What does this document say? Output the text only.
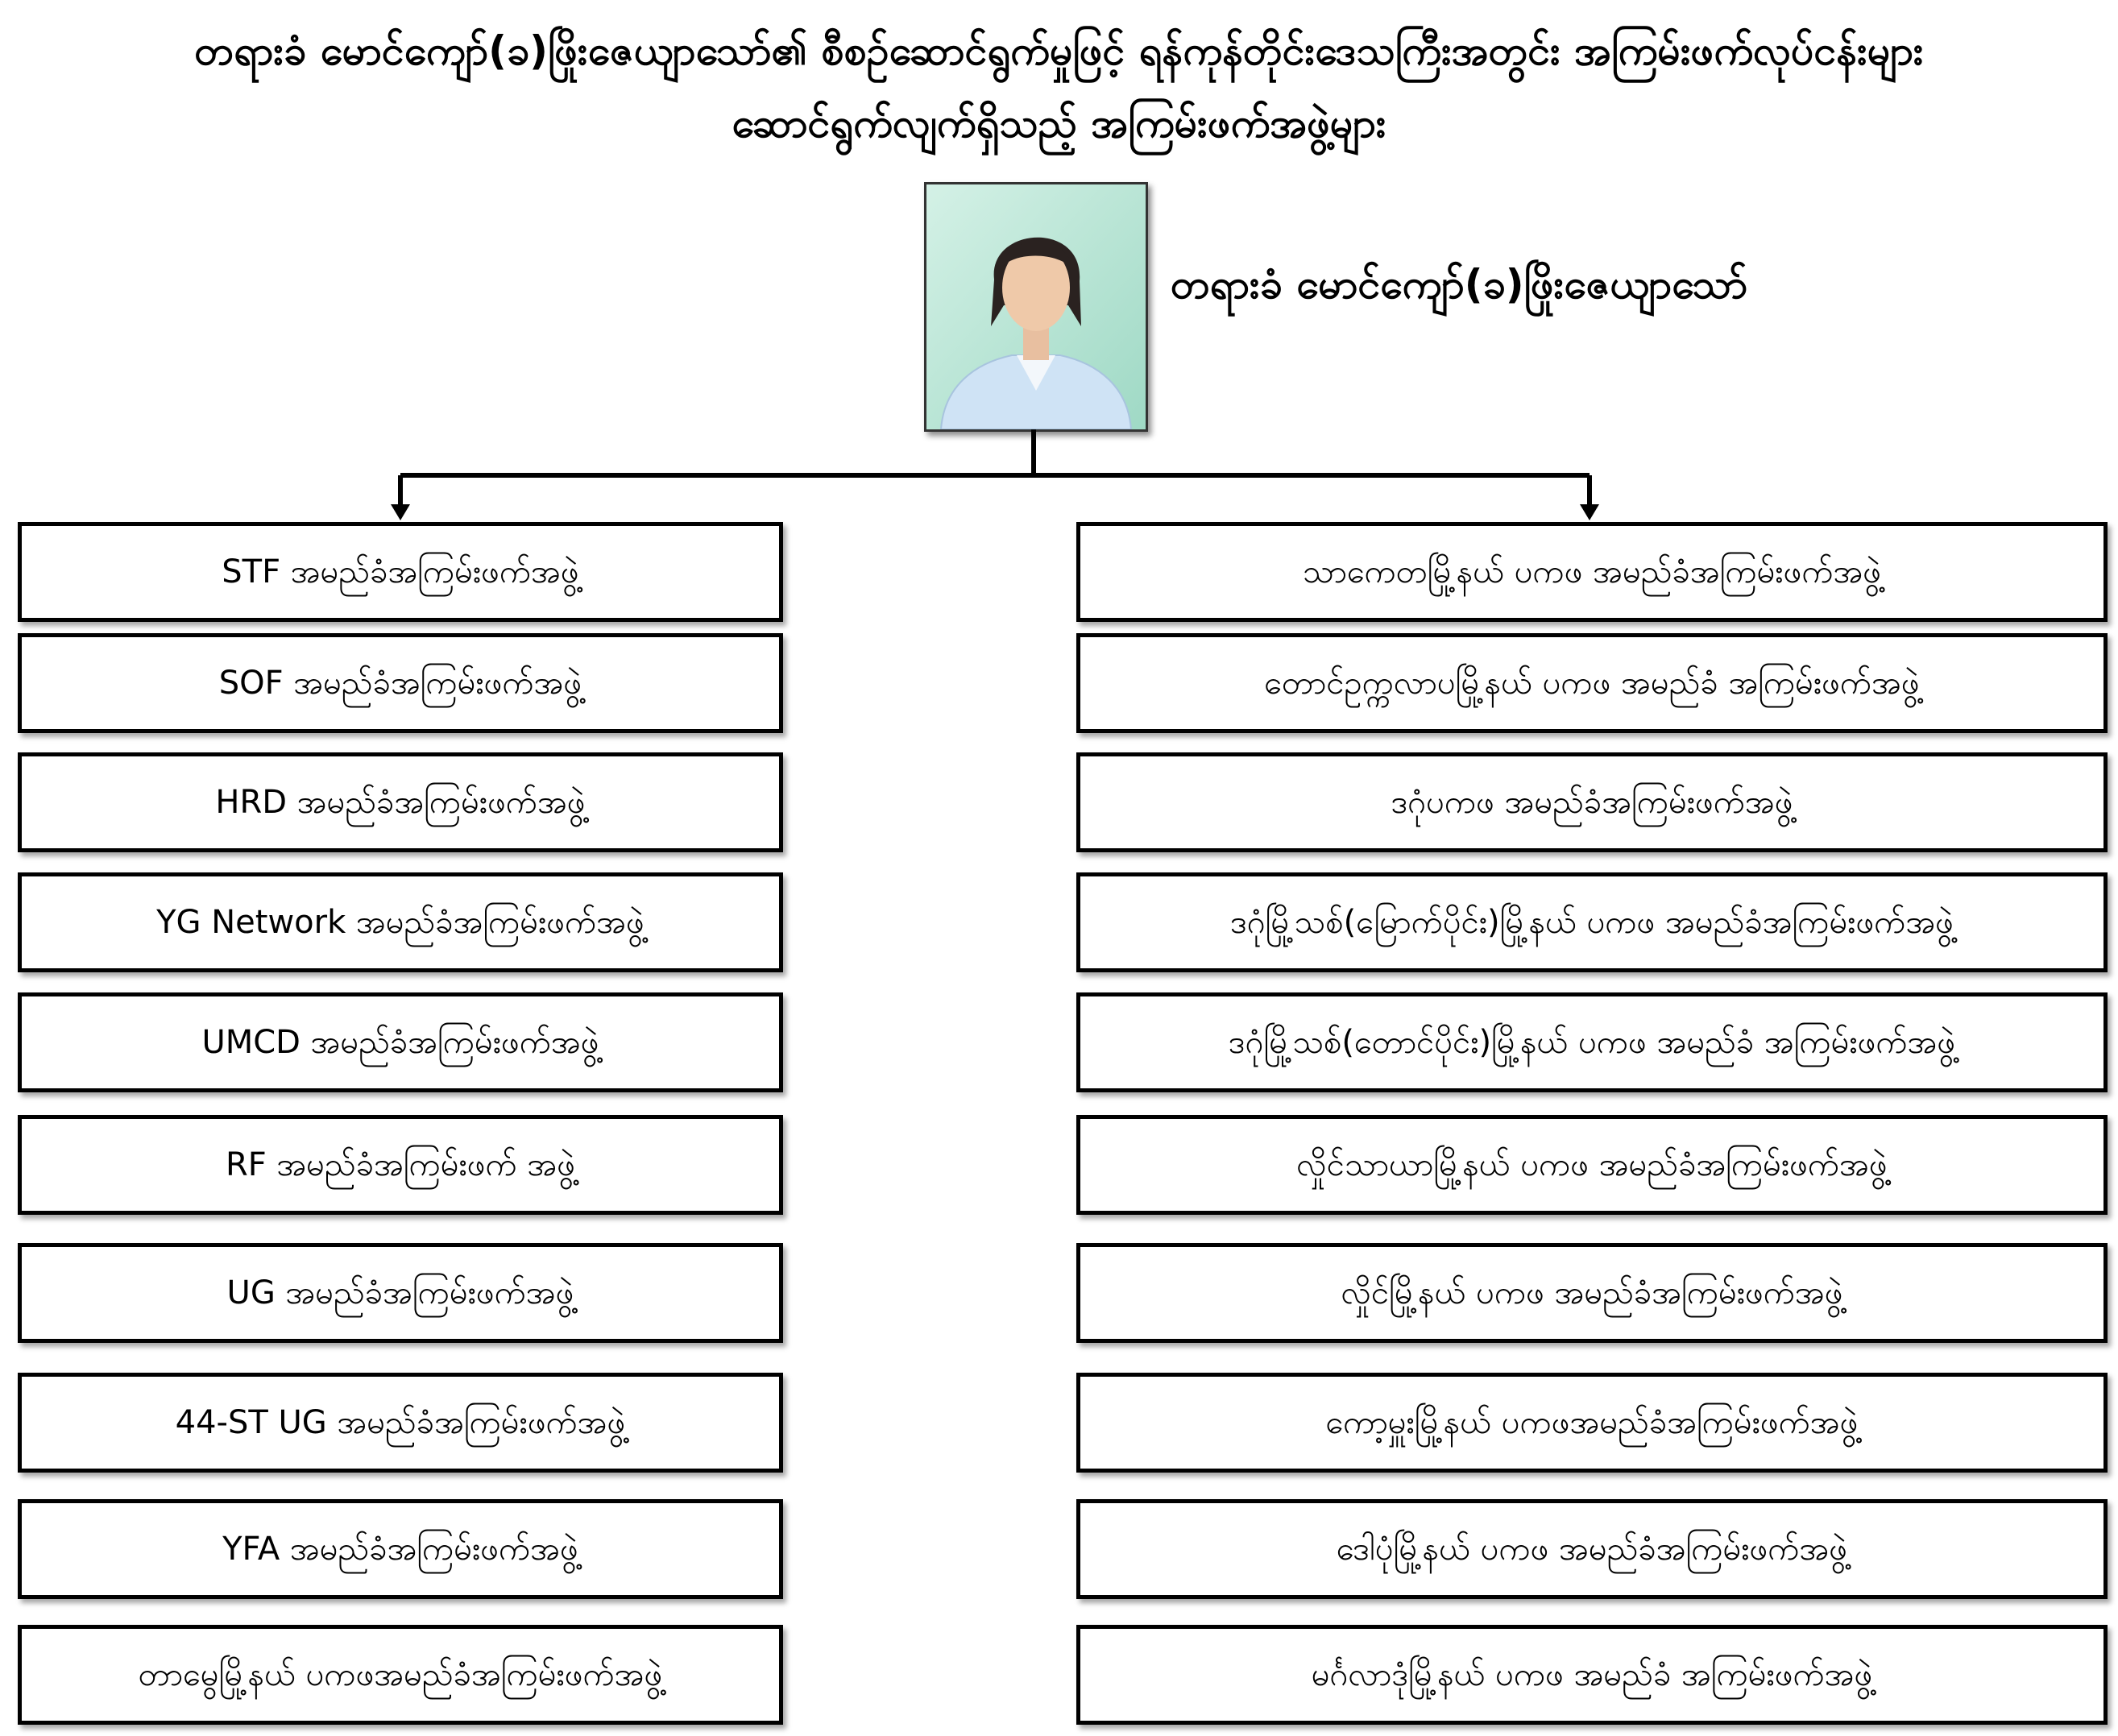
တရားခံ မောင်ကျော်(ခ)ဖြိုးဇေယျာသော်၏ စီစဉ်ဆောင်ရွက်မှုဖြင့် ရန်ကုန်တိုင်းဒေသကြီးအတွင်း အကြမ်းဖက်လုပ်ငန်းများ
ဆောင်ရွက်လျက်ရှိသည့် အကြမ်းဖက်အဖွဲ့များ
တရားခံ မောင်ကျော်(ခ)ဖြိုးဇေယျာသော်
STF အမည်ခံအကြမ်းဖက်အဖွဲ့
SOF အမည်ခံအကြမ်းဖက်အဖွဲ့
HRD အမည်ခံအကြမ်းဖက်အဖွဲ့
YG Network အမည်ခံအကြမ်းဖက်အဖွဲ့
UMCD အမည်ခံအကြမ်းဖက်အဖွဲ့
RF အမည်ခံအကြမ်းဖက် အဖွဲ့
UG အမည်ခံအကြမ်းဖက်အဖွဲ့
44-ST UG အမည်ခံအကြမ်းဖက်အဖွဲ့
YFA အမည်ခံအကြမ်းဖက်အဖွဲ့
တာမွေမြို့နယ် ပကဖအမည်ခံအကြမ်းဖက်အဖွဲ့
သာကေတမြို့နယ် ပကဖ အမည်ခံအကြမ်းဖက်အဖွဲ့
တောင်ဥက္ကလာပမြို့နယ် ပကဖ အမည်ခံ အကြမ်းဖက်အဖွဲ့
ဒဂုံပကဖ အမည်ခံအကြမ်းဖက်အဖွဲ့
ဒဂုံမြို့သစ်(မြောက်ပိုင်း)မြို့နယ် ပကဖ အမည်ခံအကြမ်းဖက်အဖွဲ့
ဒဂုံမြို့သစ်(တောင်ပိုင်း)မြို့နယ် ပကဖ အမည်ခံ အကြမ်းဖက်အဖွဲ့
လှိုင်သာယာမြို့နယ် ပကဖ အမည်ခံအကြမ်းဖက်အဖွဲ့
လှိုင်မြို့နယ် ပကဖ အမည်ခံအကြမ်းဖက်အဖွဲ့
ကော့မှူးမြို့နယ် ပကဖအမည်ခံအကြမ်းဖက်အဖွဲ့
ဒေါပုံမြို့နယ် ပကဖ အမည်ခံအကြမ်းဖက်အဖွဲ့
မင်္ဂလာဒုံမြို့နယ် ပကဖ အမည်ခံ အကြမ်းဖက်အဖွဲ့
